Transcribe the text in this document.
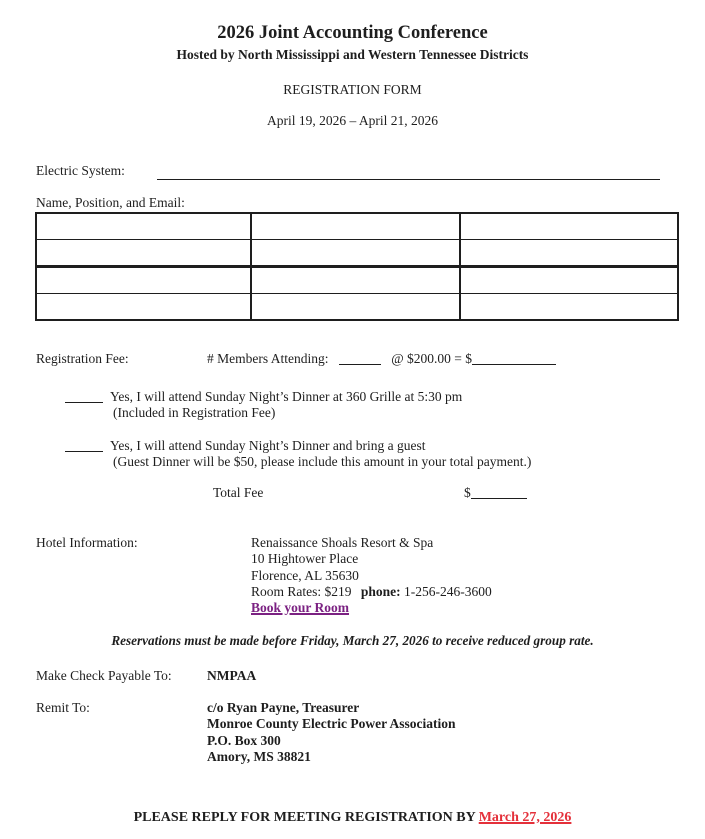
2026 Joint Accounting Conference
Hosted by North Mississippi and Western Tennessee Districts
REGISTRATION FORM
April 19, 2026 – April 21, 2026
Electric System:
Name, Position, and Email:

Registration Fee:	# Members Attending:	@ $200.00 = $
Yes, I will attend Sunday Night’s Dinner at 360 Grille at 5:30 pm
(Included in Registration Fee)
Yes, I will attend Sunday Night’s Dinner and bring a guest
(Guest Dinner will be $50, please include this amount in your total payment.)
Total Fee	$
Hotel Information:	Renaissance Shoals Resort & Spa
10 Hightower Place
Florence, AL 35630
Room Rates: $219 phone: 1-256-246-3600
Book your Room
Reservations must be made before Friday, March 27, 2026 to receive reduced group rate.
Make Check Payable To:	NMPAA
Remit To:	c/o Ryan Payne, Treasurer
Monroe County Electric Power Association
P.O. Box 300
Amory, MS 38821
PLEASE REPLY FOR MEETING REGISTRATION BY March 27, 2026
